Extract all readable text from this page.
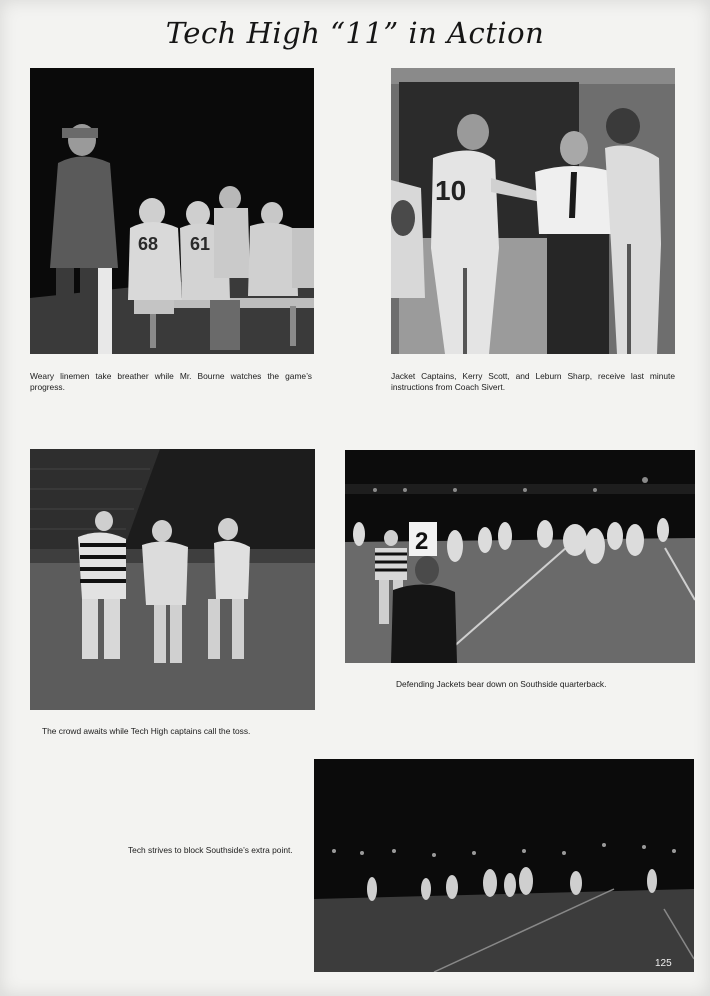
Tech High “11” in Action
68 61
Weary linemen take breather while Mr. Bourne watches the game’s progress.
10
Jacket Captains, Kerry Scott, and Leburn Sharp, receive last minute instructions from Coach Sivert.
The crowd awaits while Tech High captains call the toss.
2
Defending Jackets bear down on Southside quarterback.
Tech strives to block Southside’s extra point.
125
